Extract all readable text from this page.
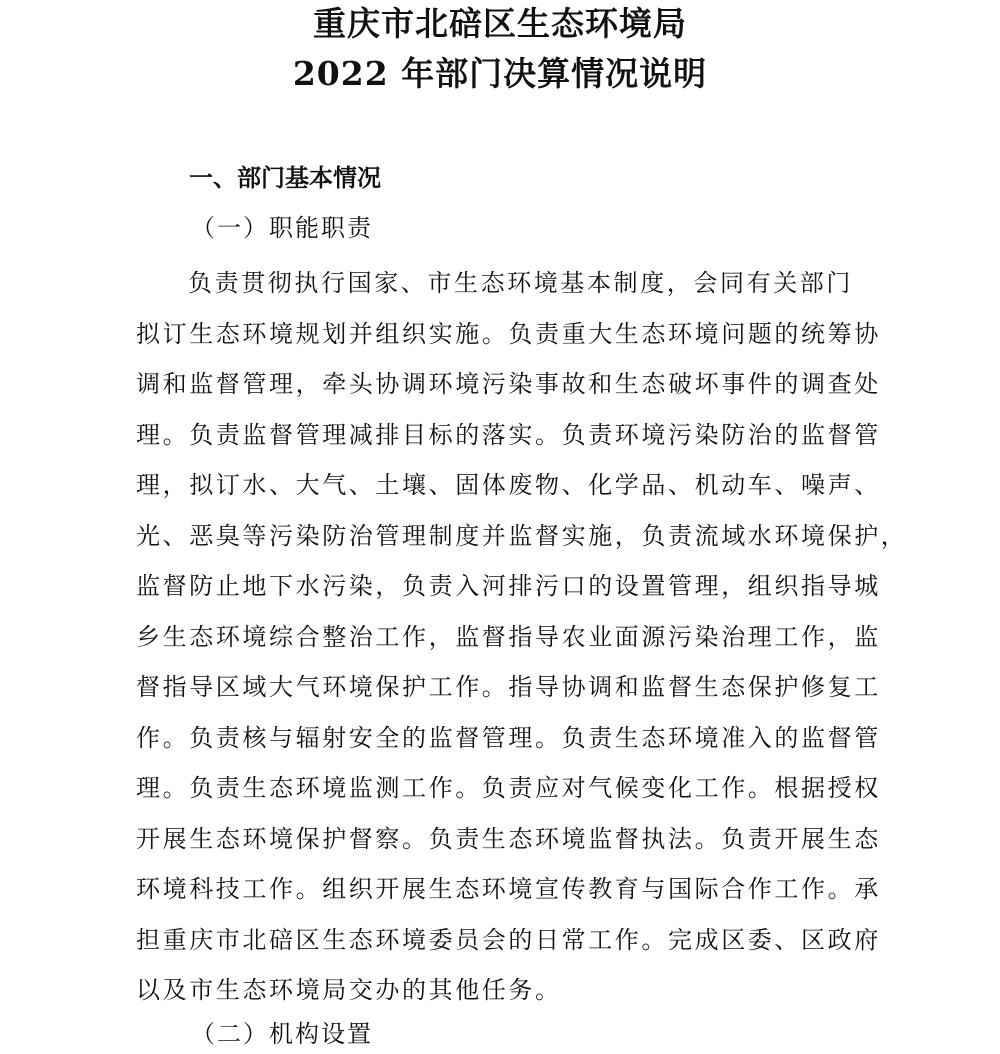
重庆市北碚区生态环境局
2022 年部门决算情况说明
一、部门基本情况
（一）职能职责
负责贯彻执行国家、市生态环境基本制度，会同有关部门
拟订生态环境规划并组织实施。负责重大生态环境问题的统筹协
调和监督管理，牵头协调环境污染事故和生态破坏事件的调查处
理。负责监督管理减排目标的落实。负责环境污染防治的监督管
理，拟订水、大气、土壤、固体废物、化学品、机动车、噪声、
光、恶臭等污染防治管理制度并监督实施，负责流域水环境保护，
监督防止地下水污染，负责入河排污口的设置管理，组织指导城
乡生态环境综合整治工作，监督指导农业面源污染治理工作，监
督指导区域大气环境保护工作。指导协调和监督生态保护修复工
作。负责核与辐射安全的监督管理。负责生态环境准入的监督管
理。负责生态环境监测工作。负责应对气候变化工作。根据授权
开展生态环境保护督察。负责生态环境监督执法。负责开展生态
环境科技工作。组织开展生态环境宣传教育与国际合作工作。承
担重庆市北碚区生态环境委员会的日常工作。完成区委、区政府
以及市生态环境局交办的其他任务。
（二）机构设置
